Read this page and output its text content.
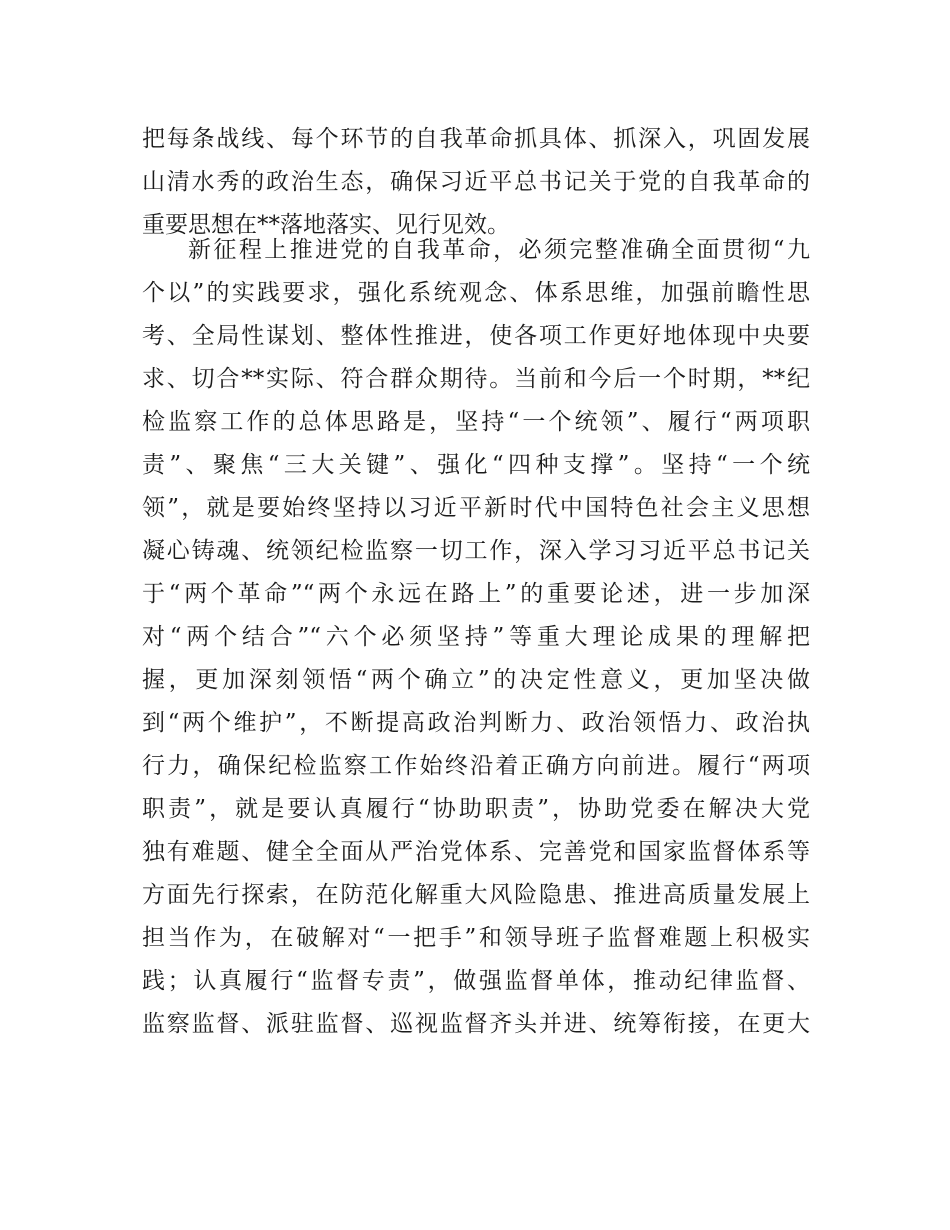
把每条战线、每个环节的自我革命抓具体、抓深入，巩固发展
山清水秀的政治生态，确保习近平总书记关于党的自我革命的
重要思想在**落地落实、见行见效。
新征程上推进党的自我革命，必须完整准确全面贯彻“九
个以”的实践要求，强化系统观念、体系思维，加强前瞻性思
考、全局性谋划、整体性推进，使各项工作更好地体现中央要
求、切合**实际、符合群众期待。当前和今后一个时期，**纪
检监察工作的总体思路是，坚持“一个统领”、履行“两项职
责”、聚焦“三大关键”、强化“四种支撑”。坚持“一个统
领”，就是要始终坚持以习近平新时代中国特色社会主义思想
凝心铸魂、统领纪检监察一切工作，深入学习习近平总书记关
于“两个革命”“两个永远在路上”的重要论述，进一步加深
对“两个结合”“六个必须坚持”等重大理论成果的理解把
握，更加深刻领悟“两个确立”的决定性意义，更加坚决做
到“两个维护”，不断提高政治判断力、政治领悟力、政治执
行力，确保纪检监察工作始终沿着正确方向前进。履行“两项
职责”，就是要认真履行“协助职责”，协助党委在解决大党
独有难题、健全全面从严治党体系、完善党和国家监督体系等
方面先行探索，在防范化解重大风险隐患、推进高质量发展上
担当作为，在破解对“一把手”和领导班子监督难题上积极实
践；认真履行“监督专责”，做强监督单体，推动纪律监督、
监察监督、派驻监督、巡视监督齐头并进、统筹衔接，在更大
